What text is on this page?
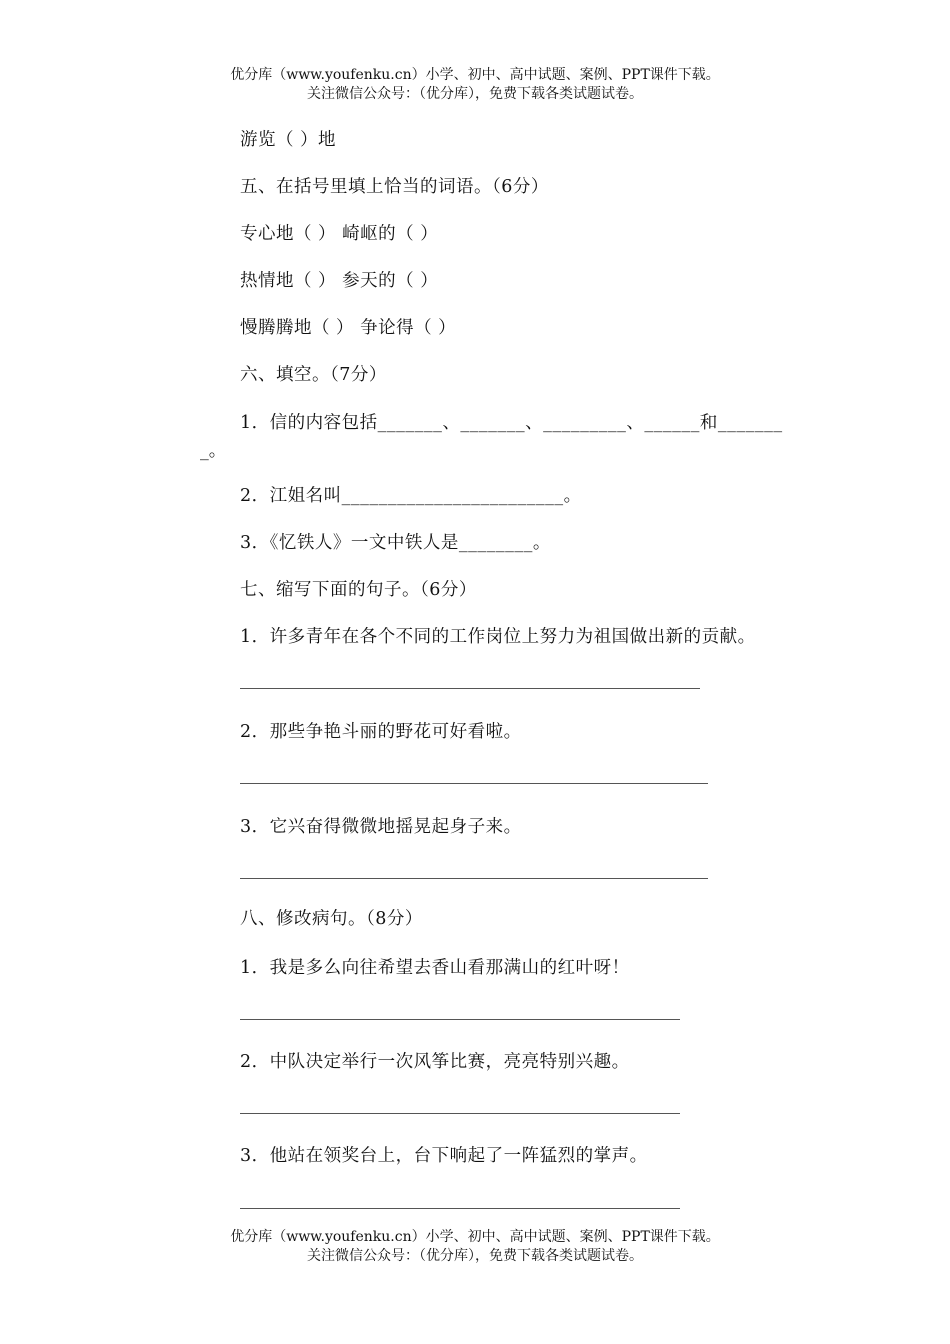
优分库（www.youfenku.cn）小学、初中、高中试题、案例、PPT课件下载。
关注微信公众号：（优分库），免费下载各类试题试卷。
游览（ ）地
五、在括号里填上恰当的词语。（6分）
专心地（ ） 崎岖的（ ）
热情地（ ） 参天的（ ）
慢腾腾地（ ） 争论得（ ）
六、填空。（7分）
1．信的内容包括_______、_______、_________、______和_______
_。
2．江姐名叫________________________。
3．《忆铁人》一文中铁人是________。
七、缩写下面的句子。（6分）
1．许多青年在各个不同的工作岗位上努力为祖国做出新的贡献。
2．那些争艳斗丽的野花可好看啦。
3．它兴奋得微微地摇晃起身子来。
八、修改病句。（8分）
1．我是多么向往希望去香山看那满山的红叶呀！
2．中队决定举行一次风筝比赛，亮亮特别兴趣。
3．他站在领奖台上，台下响起了一阵猛烈的掌声。
优分库（www.youfenku.cn）小学、初中、高中试题、案例、PPT课件下载。
关注微信公众号：（优分库），免费下载各类试题试卷。
